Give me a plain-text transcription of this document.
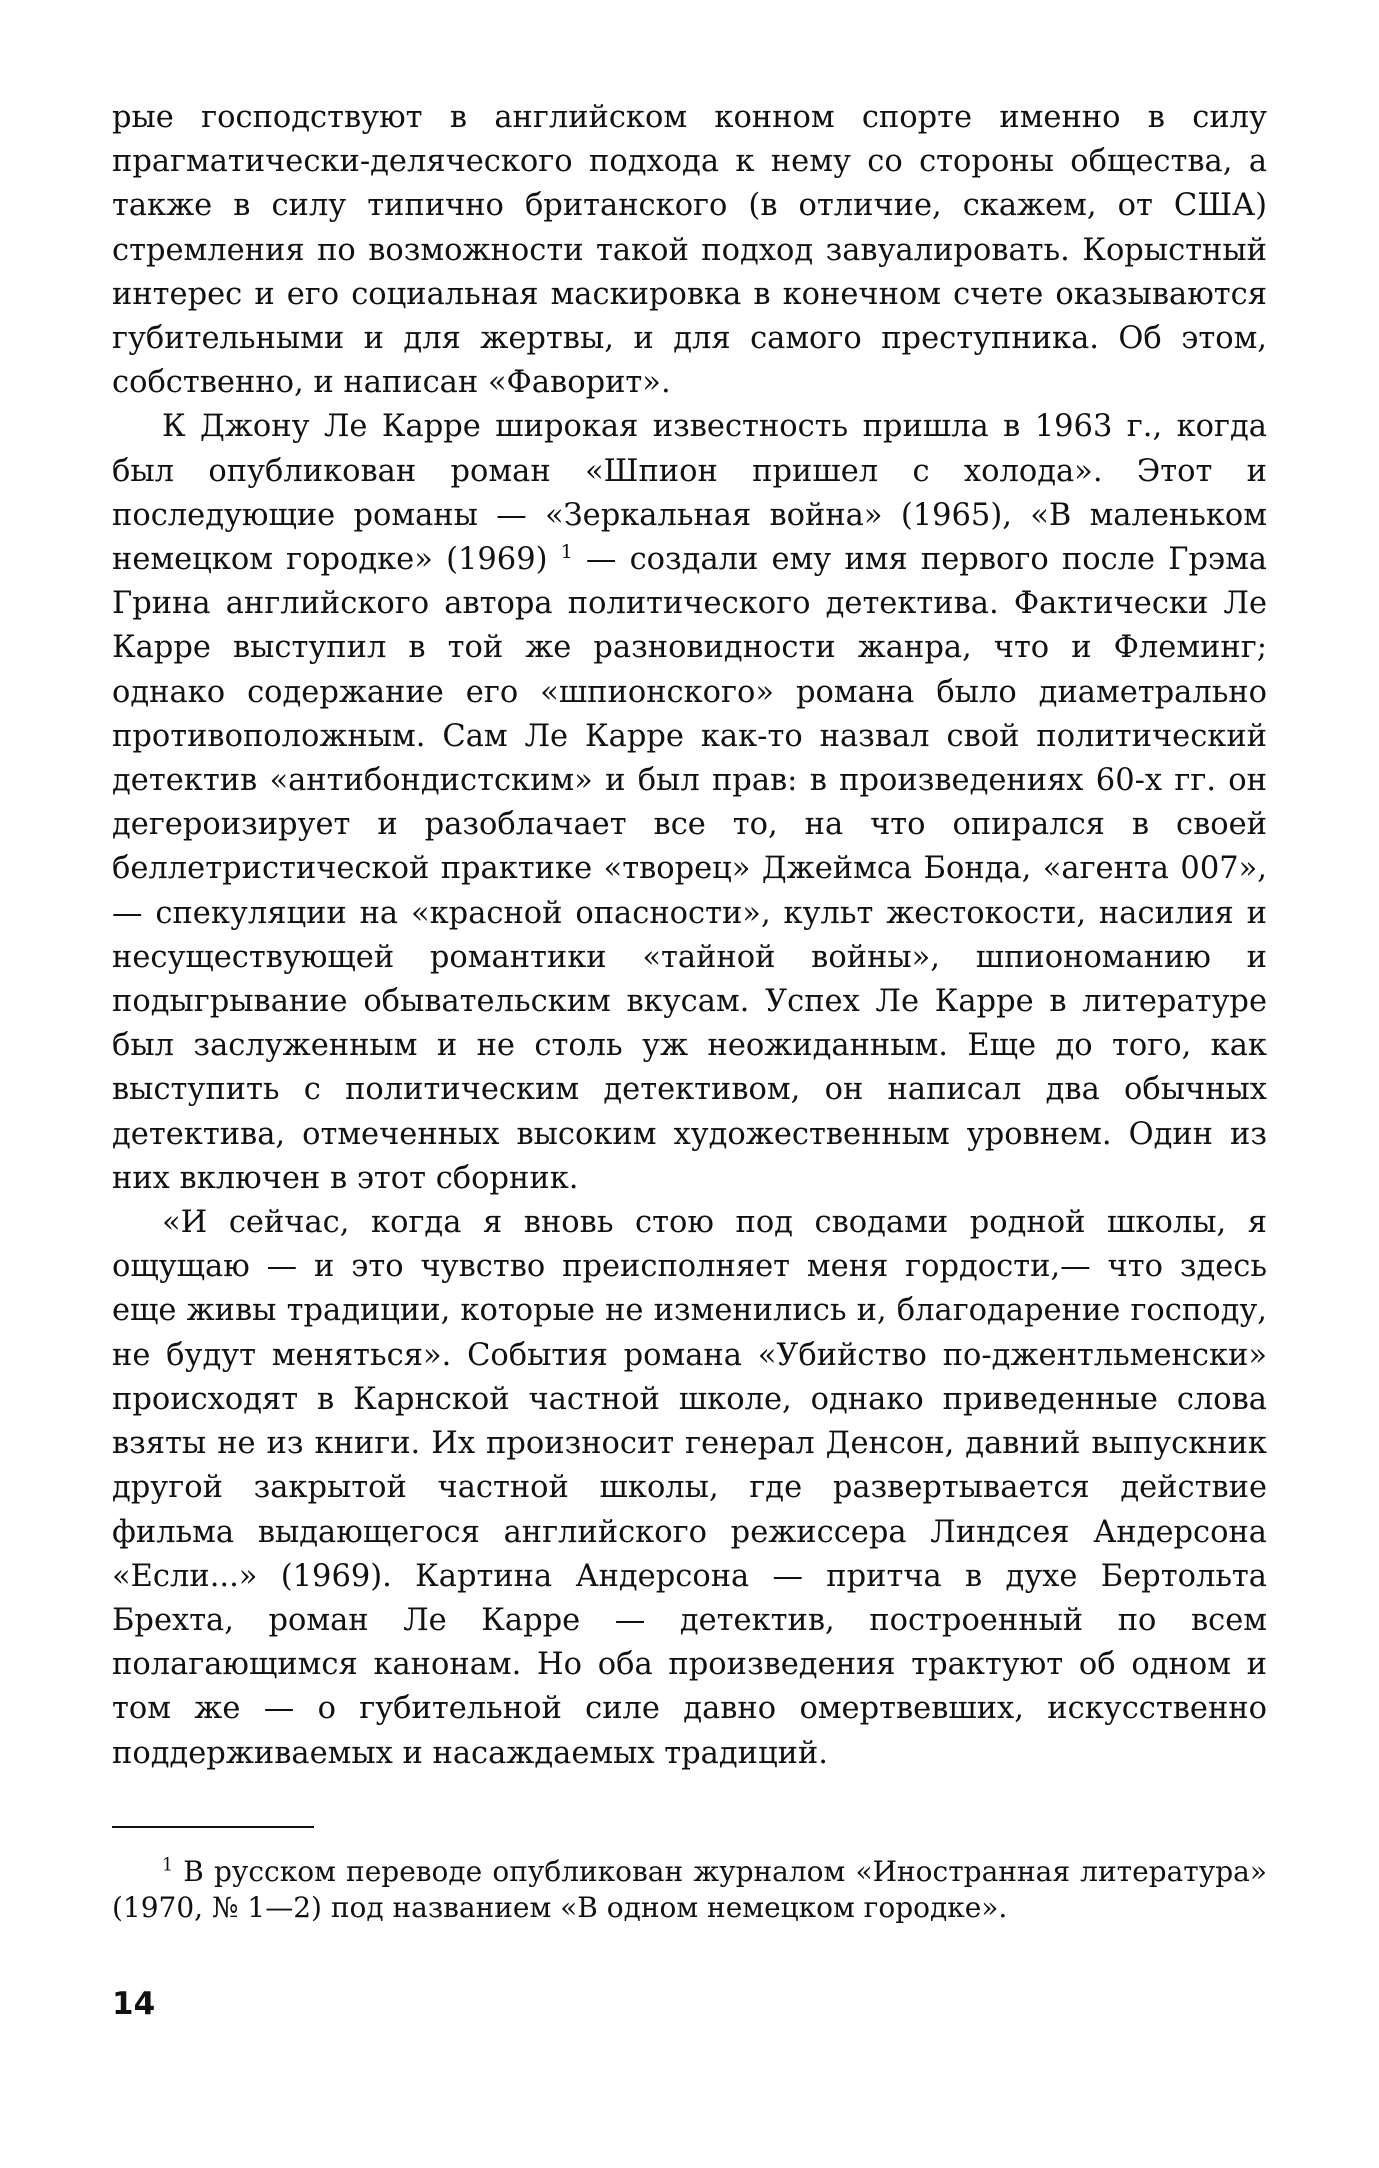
рые господствуют в английском конном спорте именно в силу прагматически-деляческого подхода к нему со стороны общества, а также в силу типично британского (в отличие, скажем, от США) стремления по возможности такой подход завуалировать. Корыстный интерес и его социальная маскировка в конечном счете оказываются губительными и для жертвы, и для самого преступника. Об этом, собственно, и написан «Фаворит».

К Джону Ле Карре широкая известность пришла в 1963 г., когда был опубликован роман «Шпион пришел с холода». Этот и последующие романы — «Зеркальная война» (1965), «В маленьком немецком городке» (1969) $^1$ — создали ему имя первого после Грэма Грина английского автора политического детектива. Фактически Ле Карре выступил в той же разновидности жанра, что и Флеминг; однако содержание его «шпионского» романа было диаметрально противоположным. Сам Ле Карре как-то назвал свой политический детектив «антибондистским» и был прав: в произведениях 60-х гг. он дегероизирует и разоблачает все то, на что опирался в своей беллетристической практике «творец» Джеймса Бонда, «агента 007»,— спекуляции на «красной опасности», культ жестокости, насилия и несуществующей романтики «тайной войны», шпиономанию и подыгрывание обывательским вкусам. Успех Ле Карре в литературе был заслуженным и не столь уж неожиданным. Еще до того, как выступить с политическим детективом, он написал два обычных детектива, отмеченных высоким художественным уровнем. Один из них включен в этот сборник.

«И сейчас, когда я вновь стою под сводами родной школы, я ощущаю — и это чувство преисполняет меня гордости,— что здесь еще живы традиции, которые не изменились и, благодарение господу, не будут меняться». События романа «Убийство по-джентльменски» происходят в Карнской частной школе, однако приведенные слова взяты не из книги. Их произносит генерал Денсон, давний выпускник другой закрытой частной школы, где развертывается действие фильма выдающегося английского режиссера Линдсея Андерсона «Если...» (1969). Картина Андерсона — притча в духе Бертольта Брехта, роман Ле Карре — детектив, построенный по всем полагающимся канонам. Но оба произведения трактуют об одном и том же — о губительной силе давно омертвевших, искусственно поддерживаемых и насаждаемых традиций.

$^1$ В русском переводе опубликован журналом «Иностранная литература» (1970, № 1—2) под названием «В одном немецком городке».

14
